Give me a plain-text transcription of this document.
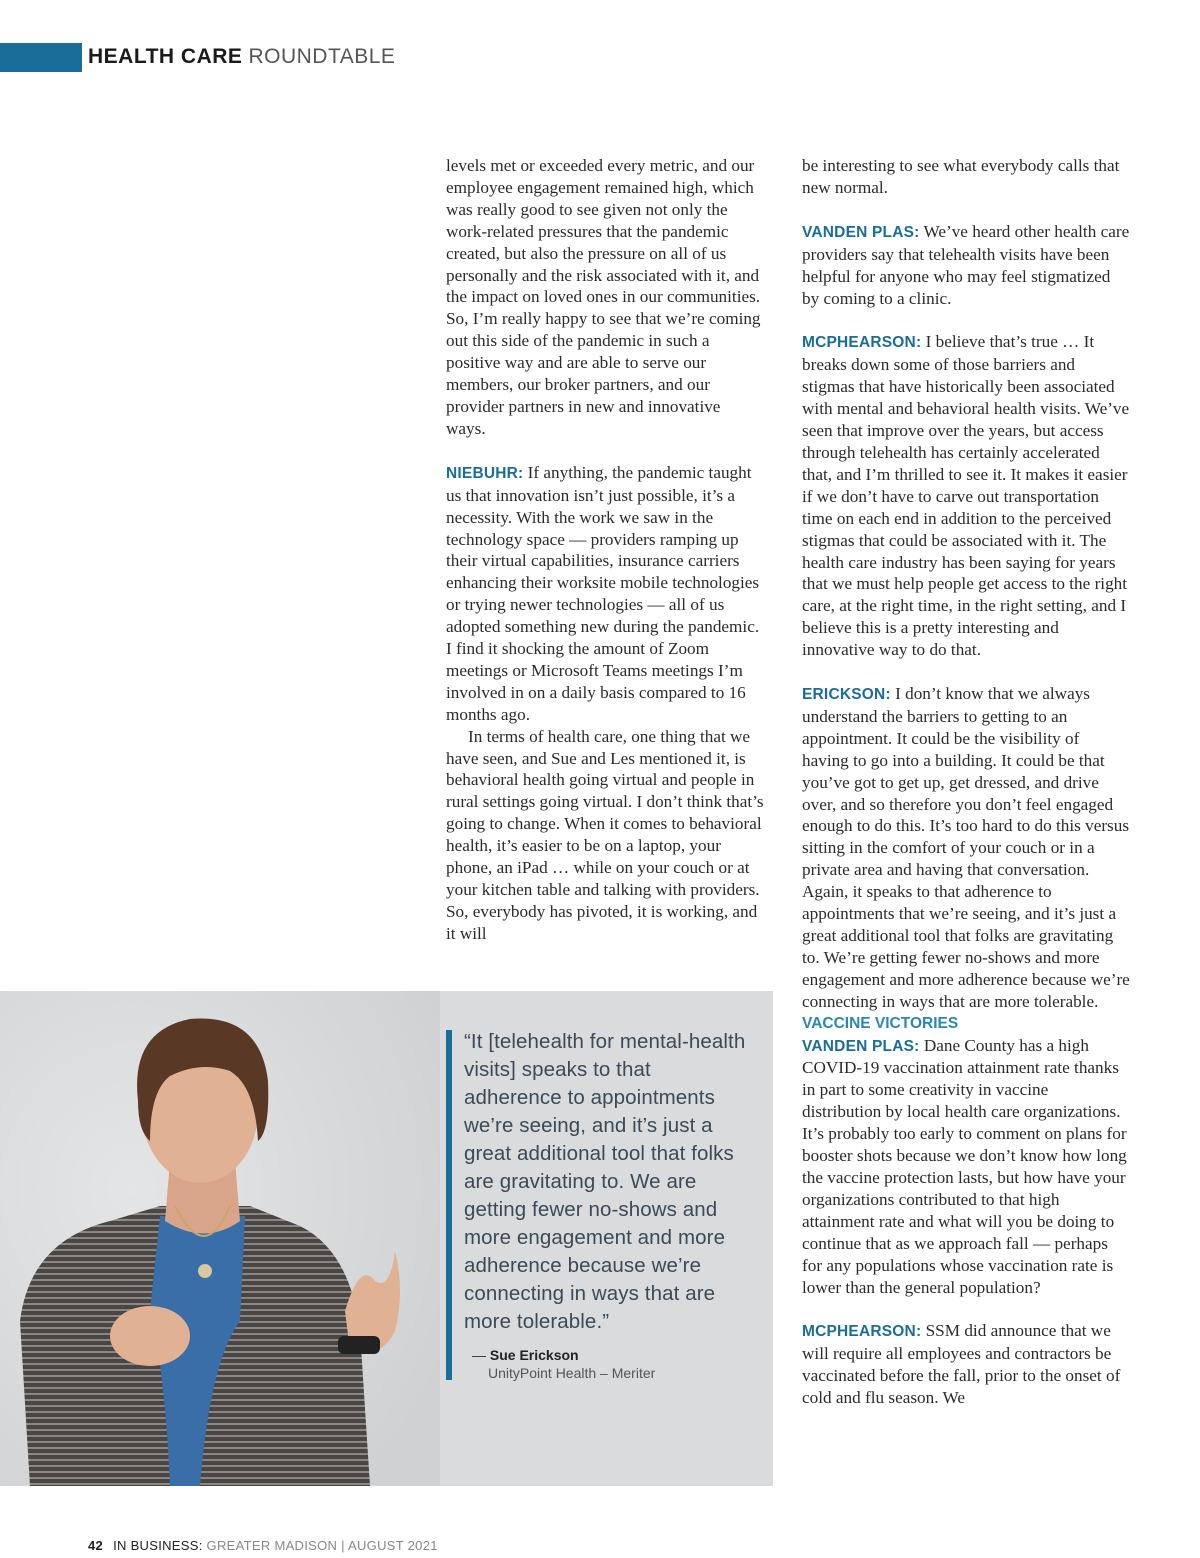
HEALTH CARE ROUNDTABLE

levels met or exceeded every metric, and our employee engagement remained high, which was really good to see given not only the work-related pressures that the pandemic created, but also the pressure on all of us personally and the risk associated with it, and the impact on loved ones in our communities. So, I’m really happy to see that we’re coming out this side of the pandemic in such a positive way and are able to serve our members, our broker partners, and our provider partners in new and innovative ways.

NIEBUHR: If anything, the pandemic taught us that innovation isn’t just possible, it’s a necessity. With the work we saw in the technology space — providers ramping up their virtual capabilities, insurance carriers enhancing their worksite mobile technologies or trying newer technologies — all of us adopted something new during the pandemic. I find it shocking the amount of Zoom meetings or Microsoft Teams meetings I’m involved in on a daily basis compared to 16 months ago.

In terms of health care, one thing that we have seen, and Sue and Les mentioned it, is behavioral health going virtual and people in rural settings going virtual. I don’t think that’s going to change. When it comes to behavioral health, it’s easier to be on a laptop, your phone, an iPad … while on your couch or at your kitchen table and talking with providers. So, everybody has pivoted, it is working, and it will

be interesting to see what everybody calls that new normal.

VANDEN PLAS: We’ve heard other health care providers say that telehealth visits have been helpful for anyone who may feel stigmatized by coming to a clinic.

MCPHEARSON: I believe that’s true … It breaks down some of those barriers and stigmas that have historically been associated with mental and behavioral health visits. We’ve seen that improve over the years, but access through telehealth has certainly accelerated that, and I’m thrilled to see it. It makes it easier if we don’t have to carve out transportation time on each end in addition to the perceived stigmas that could be associated with it. The health care industry has been saying for years that we must help people get access to the right care, at the right time, in the right setting, and I believe this is a pretty interesting and innovative way to do that.

ERICKSON: I don’t know that we always understand the barriers to getting to an appointment. It could be the visibility of having to go into a building. It could be that you’ve got to get up, get dressed, and drive over, and so therefore you don’t feel engaged enough to do this. It’s too hard to do this versus sitting in the comfort of your couch or in a private area and having that conversation. Again, it speaks to that adherence to appointments that we’re seeing, and it’s just a great additional tool that folks are gravitating to. We’re getting fewer no-shows and more engagement and more adherence because we’re connecting in ways that are more tolerable.

VACCINE VICTORIES

VANDEN PLAS: Dane County has a high COVID-19 vaccination attainment rate thanks in part to some creativity in vaccine distribution by local health care organizations. It’s probably too early to comment on plans for booster shots because we don’t know how long the vaccine protection lasts, but how have your organizations contributed to that high attainment rate and what will you be doing to continue that as we approach fall — perhaps for any populations whose vaccination rate is lower than the general population?

MCPHEARSON: SSM did announce that we will require all employees and contractors be vaccinated before the fall, prior to the onset of cold and flu season. We

“It [telehealth for mental-health visits] speaks to that adherence to appointments we’re seeing, and it’s just a great additional tool that folks are gravitating to. We are getting fewer no-shows and more engagement and more adherence because we’re connecting in ways that are more tolerable.”
— Sue Erickson
UnityPoint Health – Meriter
42 IN BUSINESS: GREATER MADISON | AUGUST 2021
